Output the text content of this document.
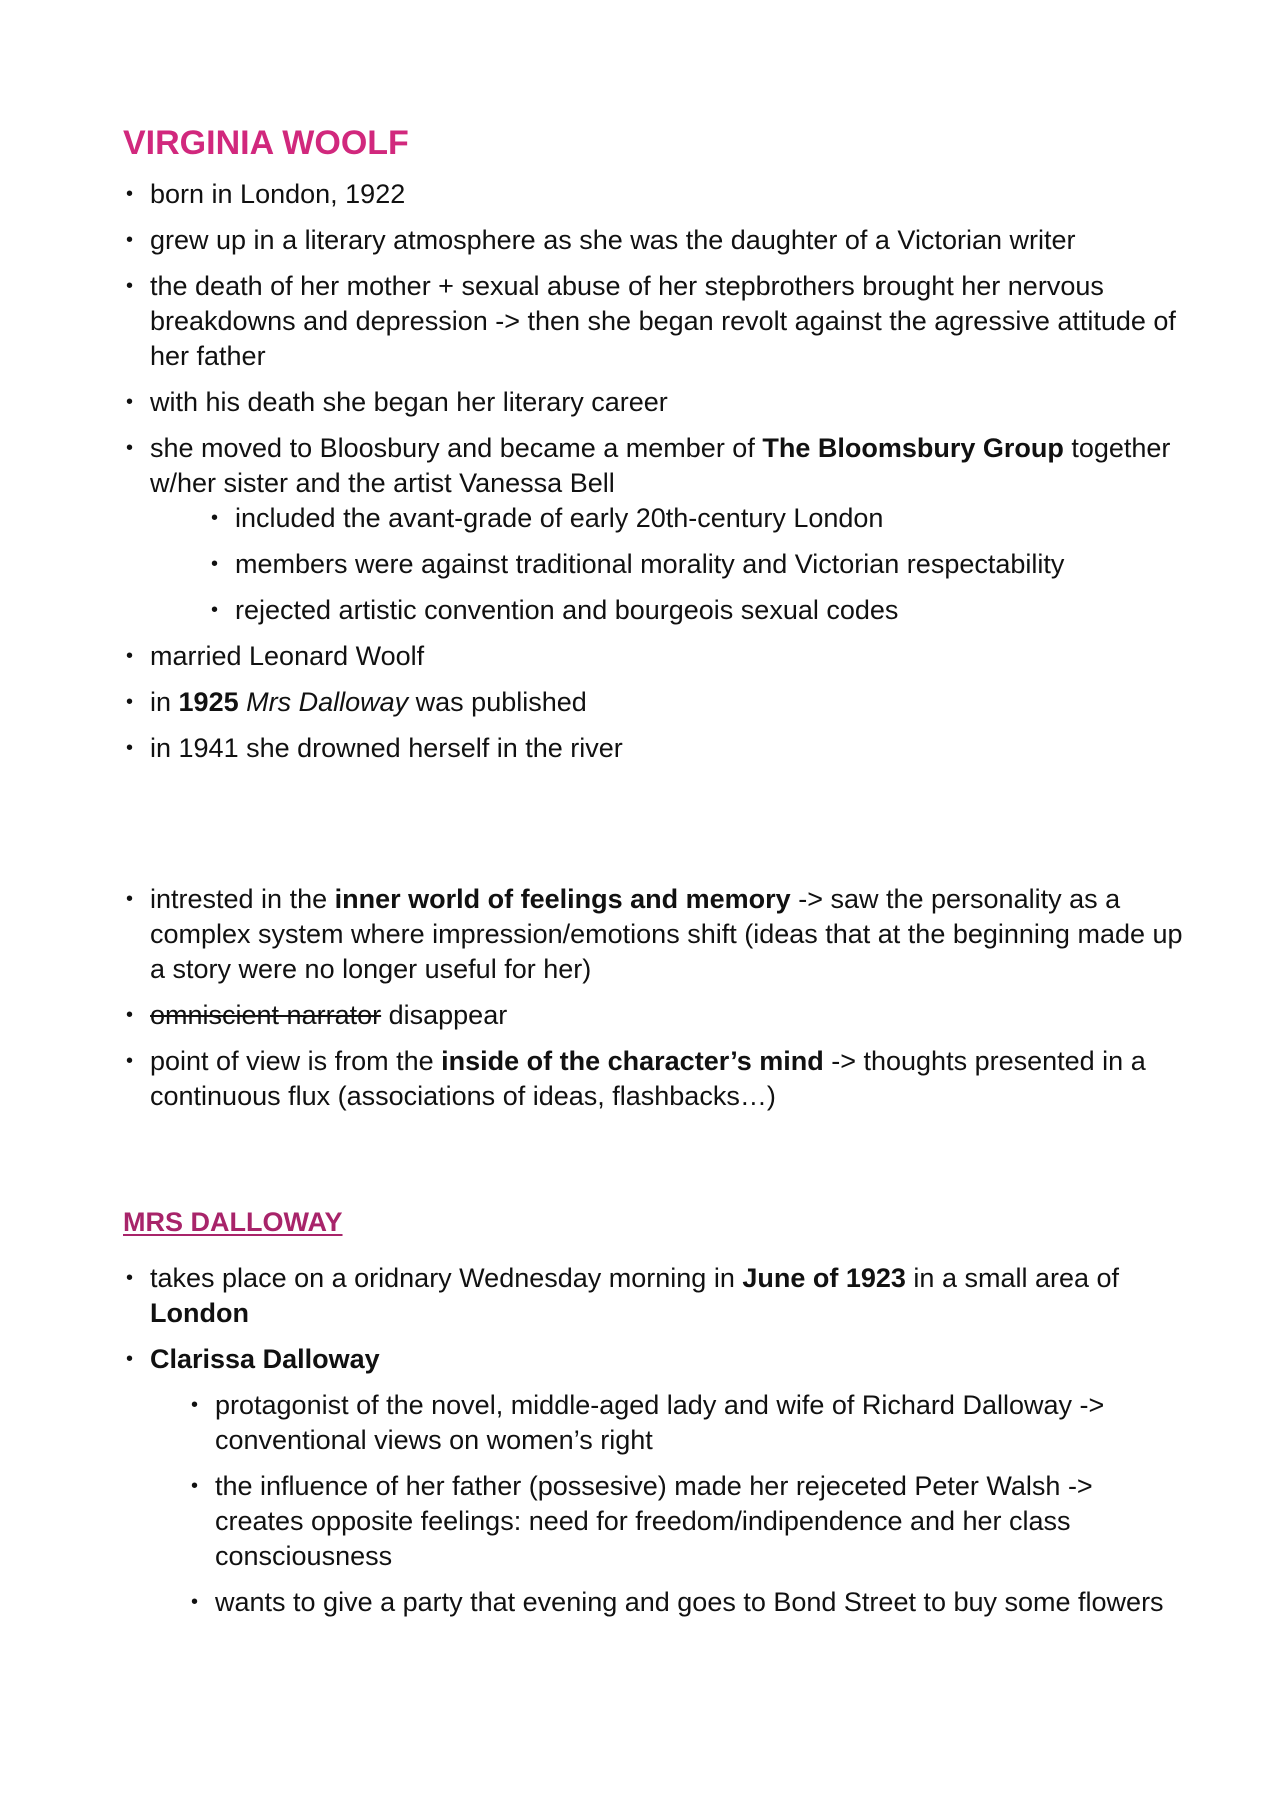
VIRGINIA WOOLF
• born in London, 1922
• grew up in a literary atmosphere as she was the daughter of a Victorian writer
• the death of her mother + sexual abuse of her stepbrothers brought her nervous breakdowns and depression -> then she began revolt against the agressive attitude of her father
• with his death she began her literary career
• she moved to Bloosbury and became a member of The Bloomsbury Group together w/her sister and the artist Vanessa Bell
• included the avant-grade of early 20th-century London
• members were against traditional morality and Victorian respectability
• rejected artistic convention and bourgeois sexual codes
• married Leonard Woolf
• in 1925 Mrs Dalloway was published
• in 1941 she drowned herself in the river
• intrested in the inner world of feelings and memory -> saw the personality as a complex system where impression/emotions shift (ideas that at the beginning made up a story were no longer useful for her)
• omniscient narrator disappear
• point of view is from the inside of the character’s mind -> thoughts presented in a continuous flux (associations of ideas, flashbacks…)
MRS DALLOWAY
• takes place on a oridnary Wednesday morning in June of 1923 in a small area of London
• Clarissa Dalloway
• protagonist of the novel, middle-aged lady and wife of Richard Dalloway -> conventional views on women’s right
• the influence of her father (possesive) made her rejeceted Peter Walsh -> creates opposite feelings: need for freedom/indipendence and her class consciousness
• wants to give a party that evening and goes to Bond Street to buy some flowers
